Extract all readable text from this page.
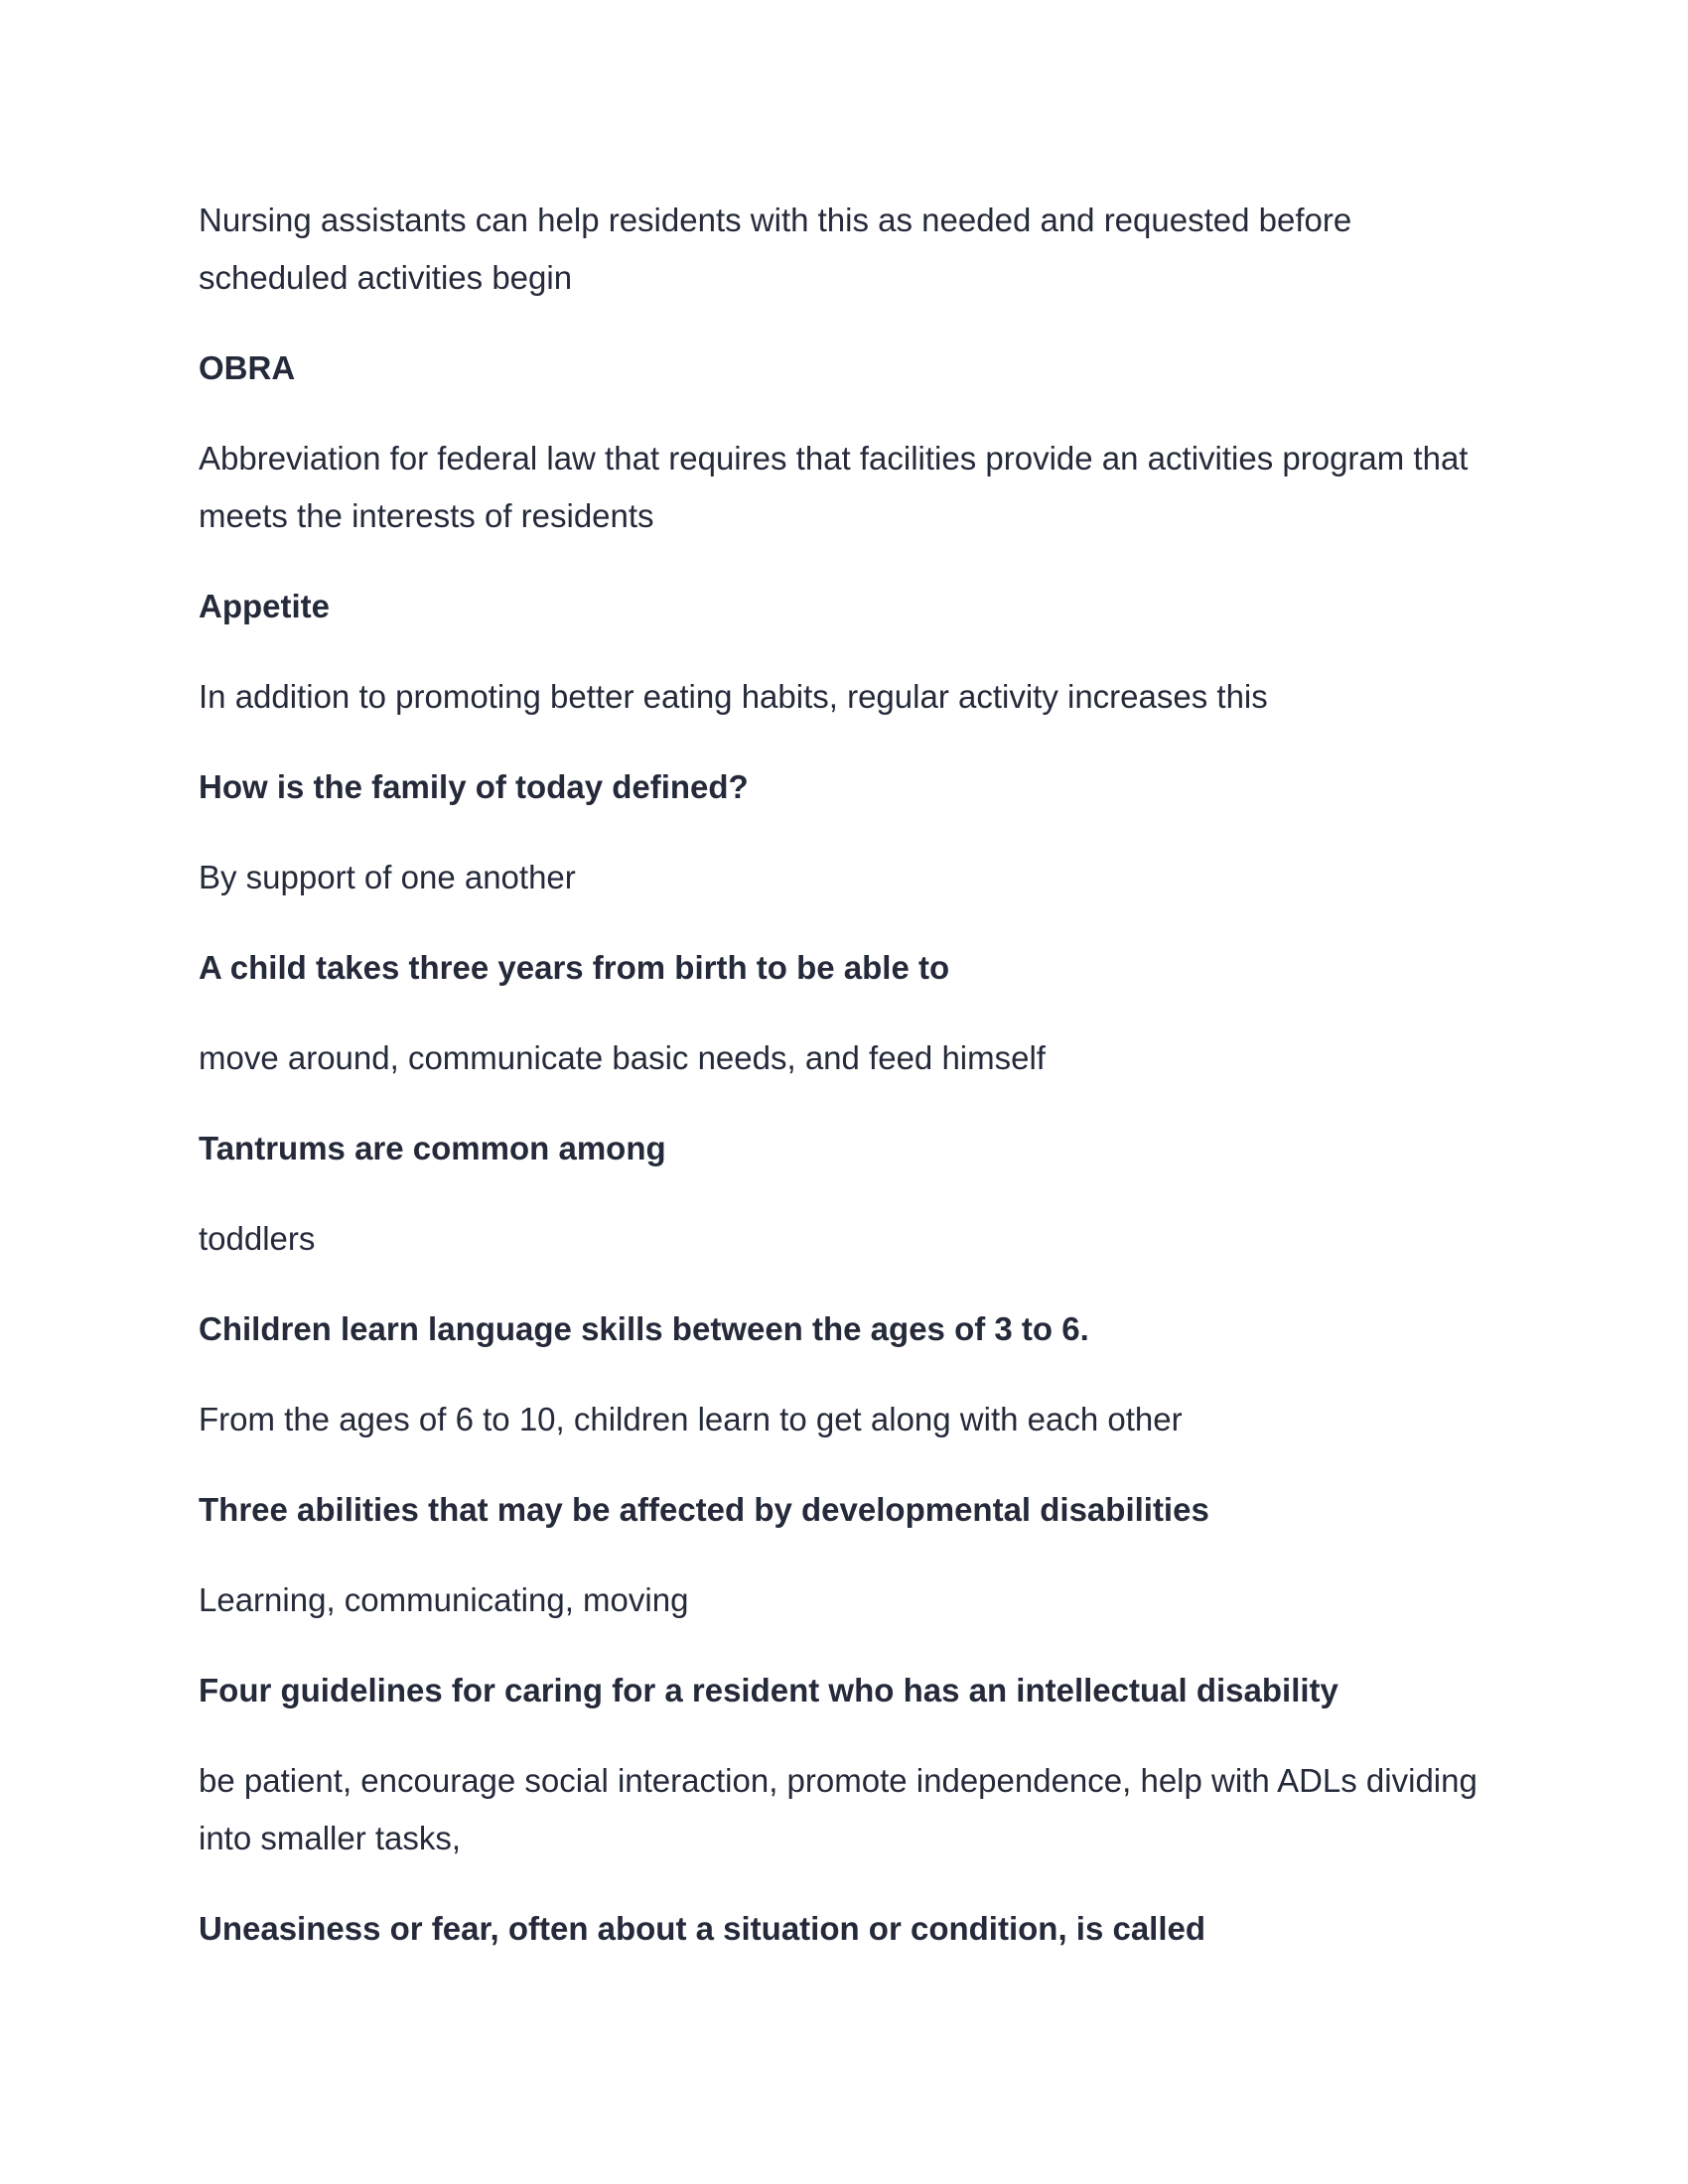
Nursing assistants can help residents with this as needed and requested before scheduled activities begin

OBRA

Abbreviation for federal law that requires that facilities provide an activities program that meets the interests of residents

Appetite

In addition to promoting better eating habits, regular activity increases this

How is the family of today defined?

By support of one another

A child takes three years from birth to be able to

move around, communicate basic needs, and feed himself

Tantrums are common among

toddlers

Children learn language skills between the ages of 3 to 6.

From the ages of 6 to 10, children learn to get along with each other

Three abilities that may be affected by developmental disabilities

Learning, communicating, moving

Four guidelines for caring for a resident who has an intellectual disability

be patient, encourage social interaction, promote independence, help with ADLs dividing into smaller tasks,

Uneasiness or fear, often about a situation or condition, is called
